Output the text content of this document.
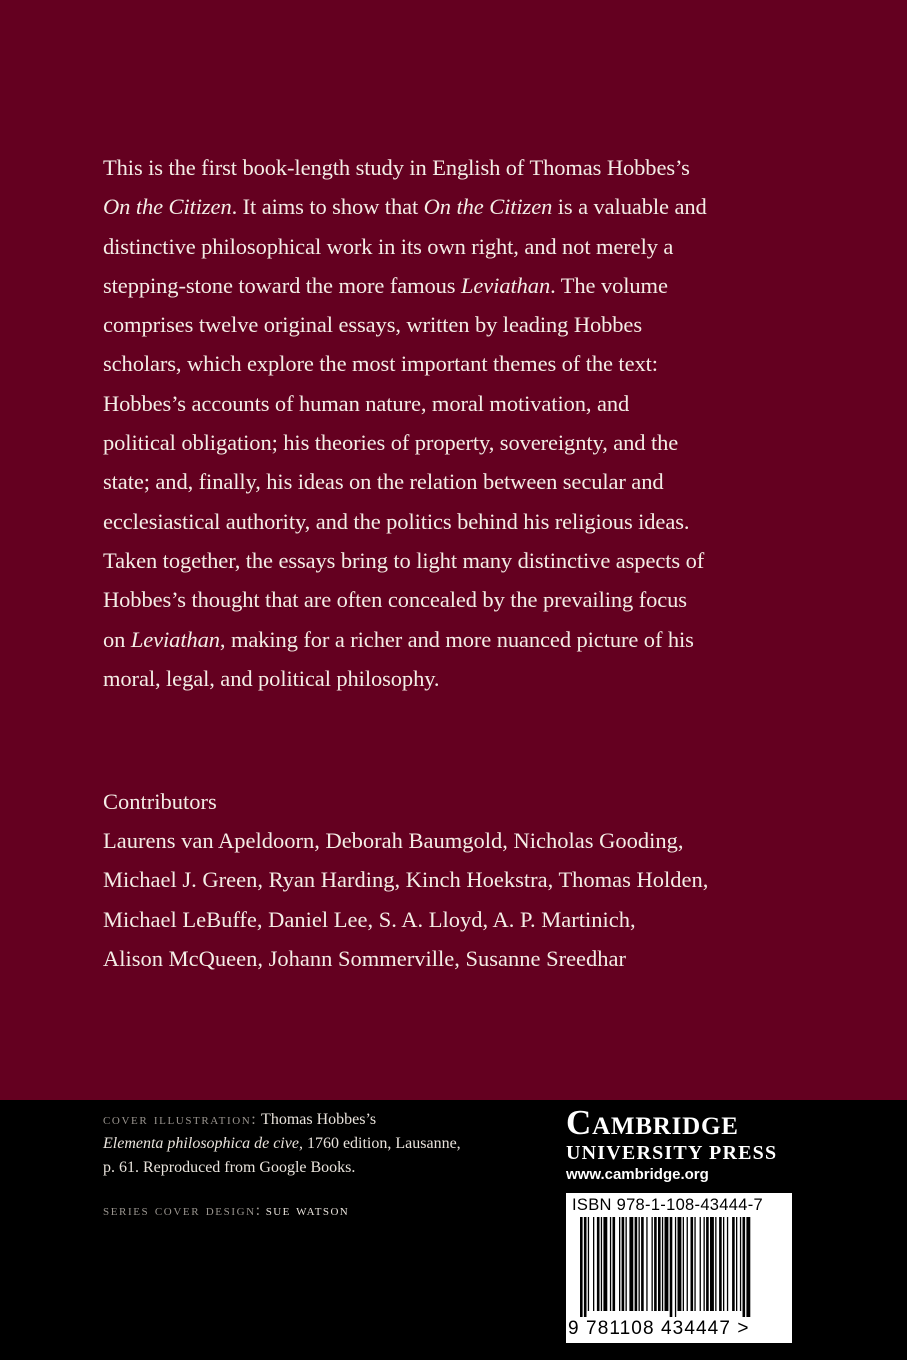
This is the first book-length study in English of Thomas Hobbes’s

On the Citizen. It aims to show that On the Citizen is a valuable and

distinctive philosophical work in its own right, and not merely a

stepping-stone toward the more famous Leviathan. The volume

comprises twelve original essays, written by leading Hobbes

scholars, which explore the most important themes of the text:

Hobbes’s accounts of human nature, moral motivation, and

political obligation; his theories of property, sovereignty, and the

state; and, finally, his ideas on the relation between secular and

ecclesiastical authority, and the politics behind his religious ideas.

Taken together, the essays bring to light many distinctive aspects of

Hobbes’s thought that are often concealed by the prevailing focus

on Leviathan, making for a richer and more nuanced picture of his

moral, legal, and political philosophy.

Contributors

Laurens van Apeldoorn, Deborah Baumgold, Nicholas Gooding,

Michael J. Green, Ryan Harding, Kinch Hoekstra, Thomas Holden,

Michael LeBuffe, Daniel Lee, S. A. Lloyd, A. P. Martinich,

Alison McQueen, Johann Sommerville, Susanne Sreedhar

cover illustration: Thomas Hobbes’s

Elementa philosophica de cive, 1760 edition, Lausanne,

p. 61. Reproduced from Google Books.

series cover design: sue watson
Cambridge
UNIVERSITY PRESS
www.cambridge.org
ISBN 978-1-108-43444-7
9 781108 434447 >
